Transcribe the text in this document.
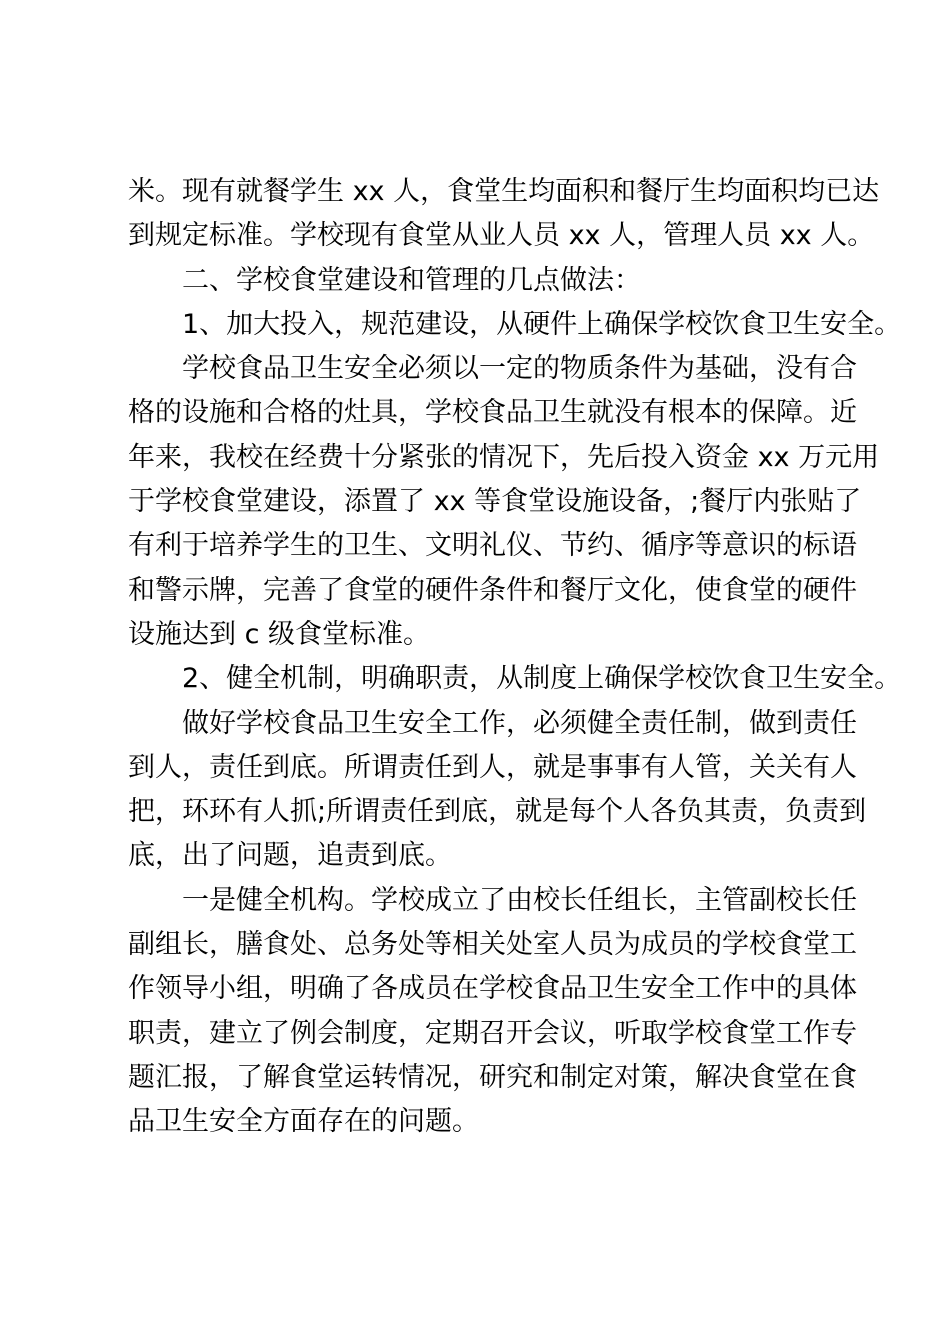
米。现有就餐学生 xx 人，食堂生均面积和餐厅生均面积均已达
到规定标准。学校现有食堂从业人员 xx 人，管理人员 xx 人。
二、学校食堂建设和管理的几点做法：
1、加大投入，规范建设，从硬件上确保学校饮食卫生安全。
学校食品卫生安全必须以一定的物质条件为基础，没有合
格的设施和合格的灶具，学校食品卫生就没有根本的保障。近
年来，我校在经费十分紧张的情况下，先后投入资金 xx 万元用
于学校食堂建设，添置了 xx 等食堂设施设备，;餐厅内张贴了
有利于培养学生的卫生、文明礼仪、节约、循序等意识的标语
和警示牌，完善了食堂的硬件条件和餐厅文化，使食堂的硬件
设施达到 c 级食堂标准。
2、健全机制，明确职责，从制度上确保学校饮食卫生安全。
做好学校食品卫生安全工作，必须健全责任制，做到责任
到人，责任到底。所谓责任到人，就是事事有人管，关关有人
把，环环有人抓;所谓责任到底，就是每个人各负其责，负责到
底，出了问题，追责到底。
一是健全机构。学校成立了由校长任组长，主管副校长任
副组长，膳食处、总务处等相关处室人员为成员的学校食堂工
作领导小组，明确了各成员在学校食品卫生安全工作中的具体
职责，建立了例会制度，定期召开会议，听取学校食堂工作专
题汇报，了解食堂运转情况，研究和制定对策，解决食堂在食
品卫生安全方面存在的问题。
